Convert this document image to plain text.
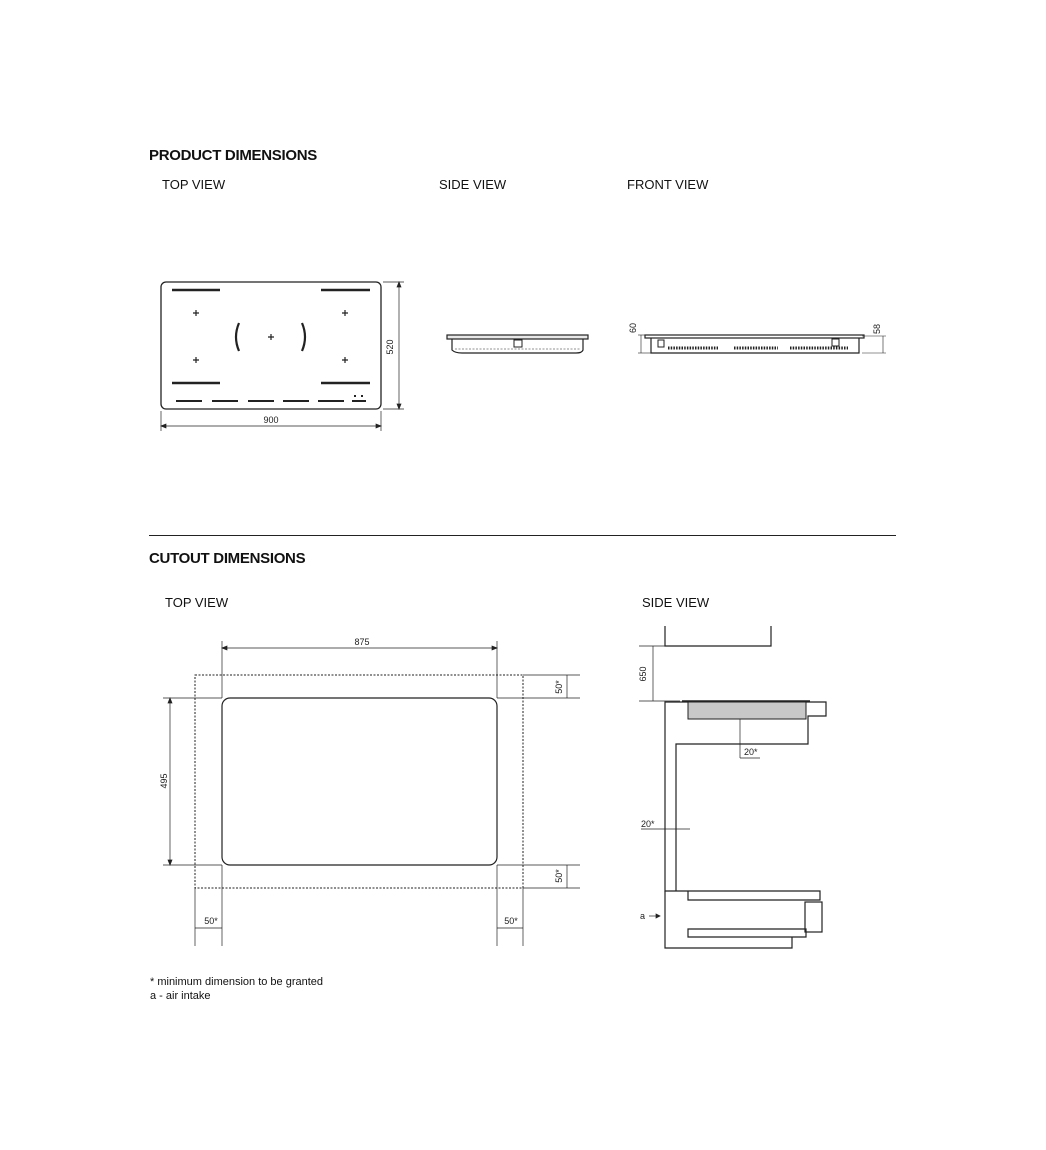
PRODUCT DIMENSIONS
TOP VIEW	SIDE VIEW	FRONT VIEW
CUTOUT DIMENSIONS
TOP VIEW	SIDE VIEW
* minimum dimension to be granted
a - air intake
900
520
60	58
875
495
50*
50*
50*	50*
650
20*
20*
a
